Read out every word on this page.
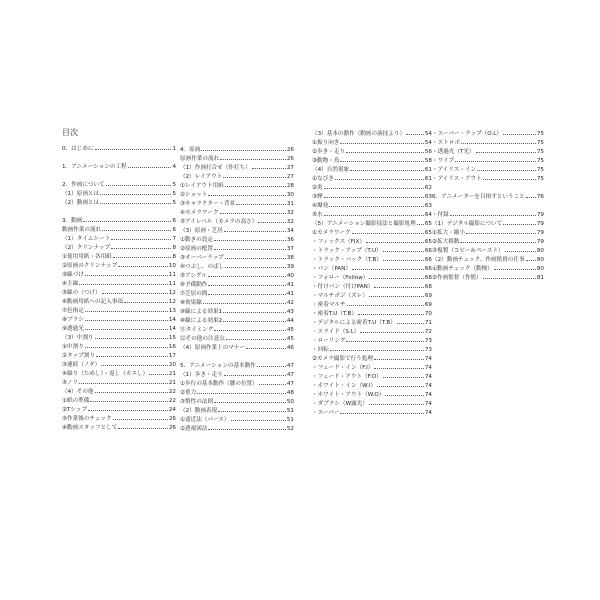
目次
0．はじめに	1
1．アニメーションの工程	4
2．作画について	5
（1）原画とは	5
（2）動画とは	5
3．動画	6
動画作業の流れ	6
（1）タイムシート	7
（2）クリンナップ	8
①使用用紙・各用紙	8
②原画のクリンナップ	10
③線づけ	11
④主線	11
⑤線の（つけ）	12
⑥動画用紙への記入事項	12
⑦色指定	13
⑧ブラシ	14
⑨透過光	14
（3）中割り	15
①中割り	16
②タップ割り	17
③連続（ノタ）	20
④繰り（ためし）・返し（カエし）	21
⑤ノリ	21
（4）その他	22
①紙の準備	22
②Tシップ	24
③作業後のチェック	26
④動画スタッフとして	26
4．原画	26
原画作業の流れ	26
（1）作画打合せ（作打ち）	27
（2）レイアウト	27
①レイアウト用紙	28
②ショット	30
③キャラクター・背景	31
④カメラワーク	32
⑤アイレベル（カメラの高さ）	32
（3）原画・芝居	34
①動きの設定	36
②原画の配置	37
③オーバーラップ	38
④つぶし、のばし	39
⑤アングル	40
⑥予備動作	41
⑦芝居の間	41
⑧効果線	42
⑨線による効果1	43
⑩線による効果2	44
⑪タイミング	45
⑫その他の注意点	45
（4）原画作業上のマナー	46
5．アニメーションの基本動作	47
（1）歩き・走り	47
①歩行の基本動作（腰の位置）	47
②重力	48
③慣性の法則	50
（2）動画表現	51
①遠近法（パース）	51
②透視図法	52
（3）基本の動作（動画の演技より）	54
①振り向き	54
②歩き・走り	56
③動物・鳥	58
（4）自然現象	61
①なびき	61
②炎	62
③煙	63
④爆発	63
⑤水	64
（5）アニメーション撮影技法と撮影処理 65
①カメラワーク	65
・フィックス（FIX）	65
・トラック・アップ（T.U）	66
・トラック・バック（T.B）	66
・パン（PAN）	66
・フォロー（Follow）	68
・付けパン（付けPAN）	68
・マルチポジ（ズレ）	69
・密着マルチ	69
・密着T.U（T.B）	70
・デジタルによる密着T.U（T.B）	71
・スライド（S.L）	72
・ローリング	73
・回転	73
②カメラ撮影で行う処理	74
・フェード・イン（F.I）	74
・フェード・アウト（F.O）	74
・ホワイト・イン（W.I）	74
・ホワイト・アウト（W.O）	74
・ダブラシ（W露光）	74
・スーパー	74
・スーパー・ラップ（O.L）	75
・ストロボ	75
・透過光（T光）	75
・ワイプ	75
・アイリス・イン	75
・アイリス・アウト	75
6．アニメーターを目指すということ 76
・付録	79
（1）デジタル撮影について	79
①拡大・縮小	79
②拡大移動	79
③複製（コピー＆ペースト）	80
（2）動画チェック、作画監督の仕事 80
①動画チェック（動検）	80
②作画監督（作監）	81
